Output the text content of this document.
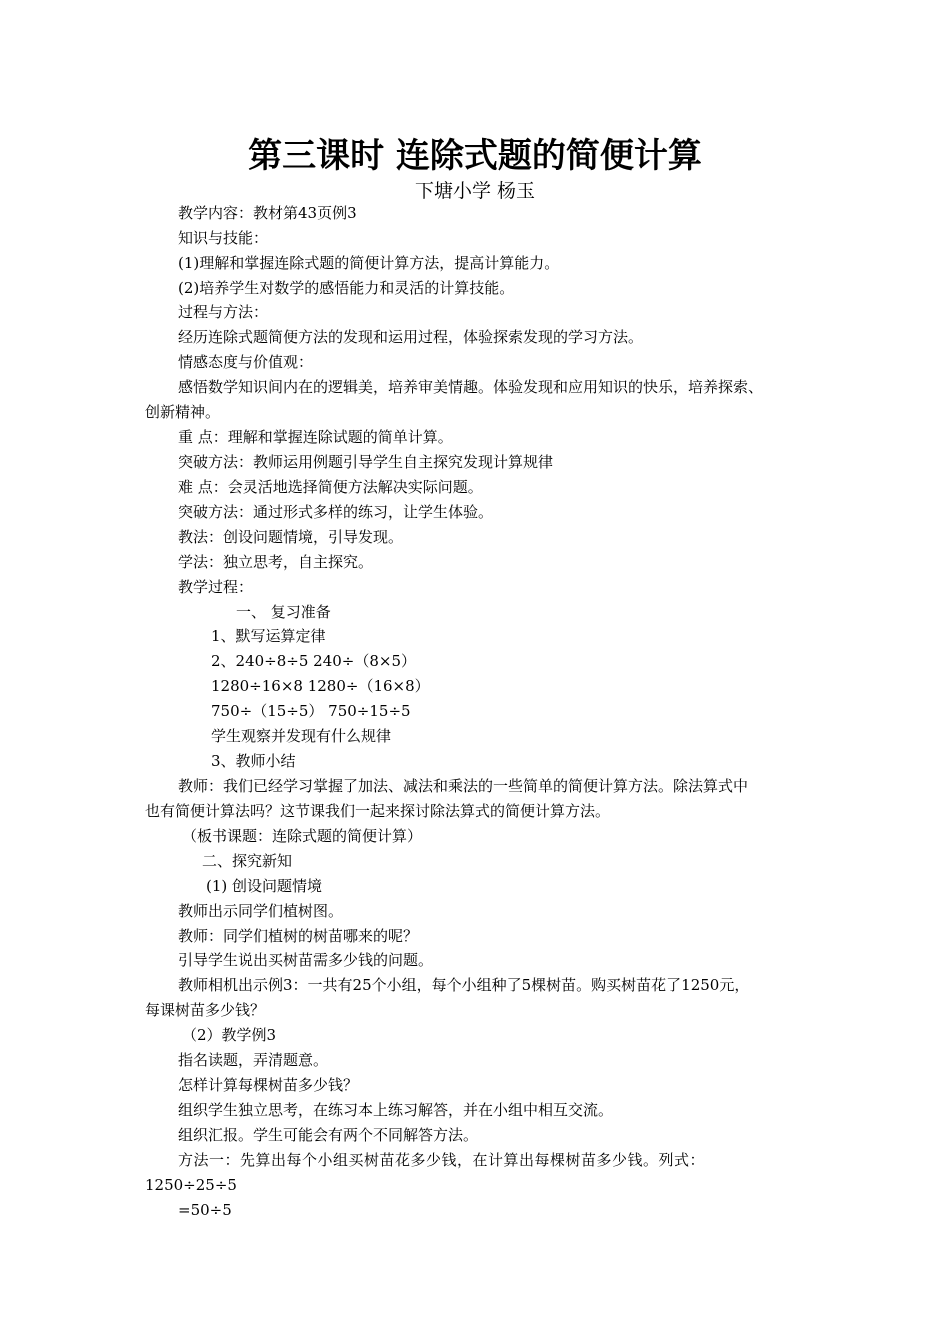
第三课时 连除式题的简便计算
下塘小学 杨玉
教学内容：教材第43页例3
知识与技能：
(1)理解和掌握连除式题的简便计算方法，提高计算能力。
(2)培养学生对数学的感悟能力和灵活的计算技能。
过程与方法：
经历连除式题简便方法的发现和运用过程，体验探索发现的学习方法。
情感态度与价值观：
感悟数学知识间内在的逻辑美，培养审美情趣。体验发现和应用知识的快乐，培养探索、
创新精神。
重 点：理解和掌握连除试题的简单计算。
突破方法：教师运用例题引导学生自主探究发现计算规律
难 点：会灵活地选择简便方法解决实际问题。
突破方法：通过形式多样的练习，让学生体验。
教法：创设问题情境，引导发现。
学法：独立思考，自主探究。
教学过程：
一、 复习准备
1、默写运算定律
2、240÷8÷5 240÷（8×5）
1280÷16×8 1280÷（16×8）
750÷（15÷5） 750÷15÷5
学生观察并发现有什么规律
3、教师小结
教师：我们已经学习掌握了加法、减法和乘法的一些简单的简便计算方法。除法算式中
也有简便计算法吗？这节课我们一起来探讨除法算式的简便计算方法。
（板书课题：连除式题的简便计算）
二、探究新知
(1) 创设问题情境
教师出示同学们植树图。
教师：同学们植树的树苗哪来的呢？
引导学生说出买树苗需多少钱的问题。
教师相机出示例3：一共有25个小组，每个小组种了5棵树苗。购买树苗花了1250元，
每课树苗多少钱？
（2）教学例3
指名读题，弄清题意。
怎样计算每棵树苗多少钱？
组织学生独立思考，在练习本上练习解答，并在小组中相互交流。
组织汇报。学生可能会有两个不同解答方法。
方法一：先算出每个小组买树苗花多少钱，在计算出每棵树苗多少钱。列式：
1250÷25÷5
=50÷5
